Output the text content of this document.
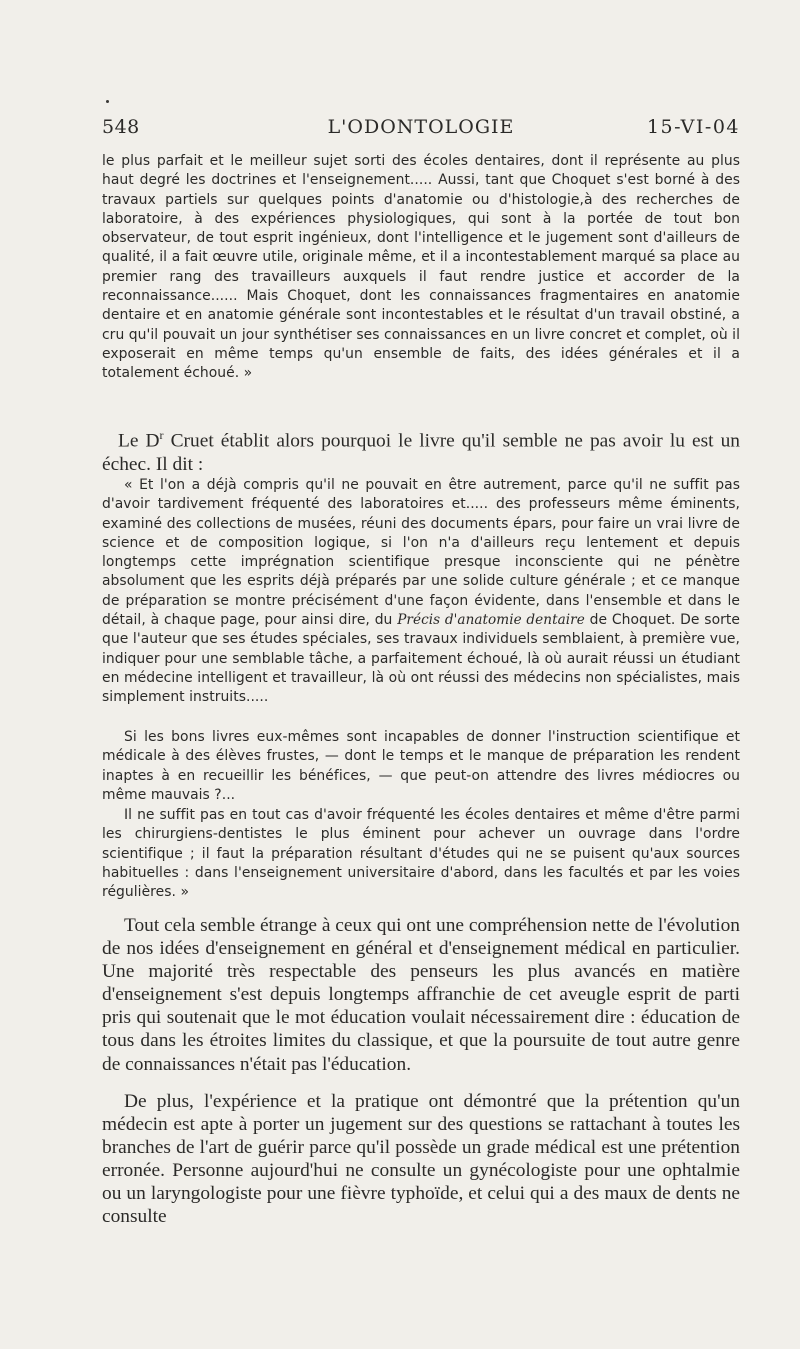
548	L'ODONTOLOGIE	15-VI-04

le plus parfait et le meilleur sujet sorti des écoles dentaires, dont il représente au plus haut degré les doctrines et l'enseignement..... Aussi, tant que Choquet s'est borné à des travaux partiels sur quelques points d'anatomie ou d'histologie,à des recherches de laboratoire, à des expériences physiologiques, qui sont à la portée de tout bon observateur, de tout esprit ingénieux, dont l'intelligence et le jugement sont d'ailleurs de qualité, il a fait œuvre utile, originale même, et il a incontestablement marqué sa place au premier rang des travailleurs auxquels il faut rendre justice et accorder de la reconnaissance...... Mais Choquet, dont les connaissances fragmentaires en anatomie dentaire et en anatomie générale sont incontestables et le résultat d'un travail obstiné, a cru qu'il pouvait un jour synthétiser ses connaissances en un livre concret et complet, où il exposerait en même temps qu'un ensemble de faits, des idées générales et il a totalement échoué. »

Le $D^r$ Cruet établit alors pourquoi le livre qu'il semble ne pas avoir lu est un échec. Il dit :

« Et l'on a déjà compris qu'il ne pouvait en être autrement, parce qu'il ne suffit pas d'avoir tardivement fréquenté des laboratoires et..... des professeurs même éminents, examiné des collections de musées, réuni des documents épars, pour faire un vrai livre de science et de composition logique, si l'on n'a d'ailleurs reçu lentement et depuis longtemps cette imprégnation scientifique presque inconsciente qui ne pénètre absolument que les esprits déjà préparés par une solide culture générale ; et ce manque de préparation se montre précisément d'une façon évidente, dans l'ensemble et dans le détail, à chaque page, pour ainsi dire, du Précis d'anatomie dentaire de Choquet. De sorte que l'auteur que ses études spéciales, ses travaux individuels semblaient, à première vue, indiquer pour une semblable tâche, a parfaitement échoué, là où aurait réussi un étudiant en médecine intelligent et travailleur, là où ont réussi des médecins non spécialistes, mais simplement instruits.....

Si les bons livres eux-mêmes sont incapables de donner l'instruction scientifique et médicale à des élèves frustes, — dont le temps et le manque de préparation les rendent inaptes à en recueillir les bénéfices, — que peut-on attendre des livres médiocres ou même mauvais ?...

Il ne suffit pas en tout cas d'avoir fréquenté les écoles dentaires et même d'être parmi les chirurgiens-dentistes le plus éminent pour achever un ouvrage dans l'ordre scientifique ; il faut la préparation résultant d'études qui ne se puisent qu'aux sources habituelles : dans l'enseignement universitaire d'abord, dans les facultés et par les voies régulières. »

Tout cela semble étrange à ceux qui ont une compréhension nette de l'évolution de nos idées d'enseignement en général et d'enseignement médical en particulier. Une majorité très respectable des penseurs les plus avancés en matière d'enseignement s'est depuis longtemps affranchie de cet aveugle esprit de parti pris qui soutenait que le mot éducation voulait nécessairement dire : éducation de tous dans les étroites limites du classique, et que la poursuite de tout autre genre de connaissances n'était pas l'éducation.

De plus, l'expérience et la pratique ont démontré que la prétention qu'un médecin est apte à porter un jugement sur des questions se rattachant à toutes les branches de l'art de guérir parce qu'il possède un grade médical est une prétention erronée. Personne aujourd'hui ne consulte un gynécologiste pour une ophtalmie ou un laryngologiste pour une fièvre typhoïde, et celui qui a des maux de dents ne consulte
